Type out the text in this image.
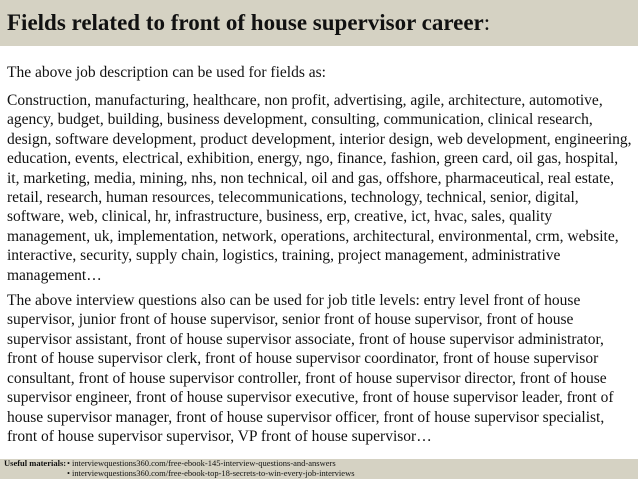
Fields related to front of house supervisor career:

The above job description can be used for fields as:

Construction, manufacturing, healthcare, non profit, advertising, agile, architecture, automotive, agency, budget, building, business development, consulting, communication, clinical research, design, software development, product development, interior design, web development, engineering, education, events, electrical, exhibition, energy, ngo, finance, fashion, green card, oil gas, hospital, it, marketing, media, mining, nhs, non technical, oil and gas, offshore, pharmaceutical, real estate, retail, research, human resources, telecommunications, technology, technical, senior, digital, software, web, clinical, hr, infrastructure, business, erp, creative, ict, hvac, sales, quality management, uk, implementation, network, operations, architectural, environmental, crm, website, interactive, security, supply chain, logistics, training, project management, administrative management…

The above interview questions also can be used for job title levels: entry level front of house supervisor, junior front of house supervisor, senior front of house supervisor, front of house supervisor assistant, front of house supervisor associate, front of house supervisor administrator, front of house supervisor clerk, front of house supervisor coordinator, front of house supervisor consultant, front of house supervisor controller, front of house supervisor director, front of house supervisor engineer, front of house supervisor executive, front of house supervisor leader, front of house supervisor manager, front of house supervisor officer, front of house supervisor specialist, front of house supervisor supervisor, VP front of house supervisor…

Useful materials:• interviewquestions360.com/free-ebook-145-interview-questions-and-answers
• interviewquestions360.com/free-ebook-top-18-secrets-to-win-every-job-interviews
